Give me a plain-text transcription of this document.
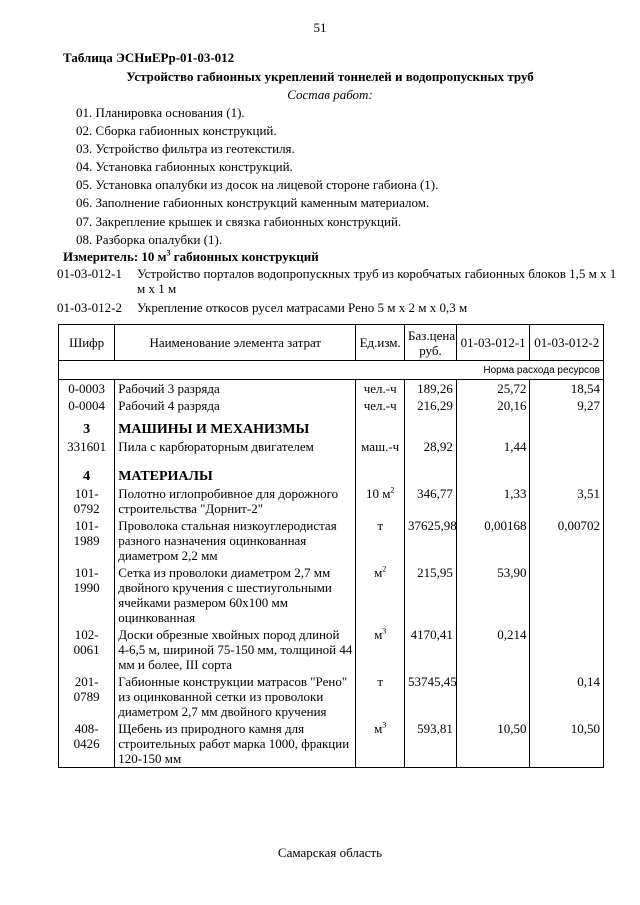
51
Таблица ЭСНиЕРр-01-03-012
Устройство габионных укреплений тоннелей и водопропускных труб
Состав работ:
01. Планировка основания (1).
02. Сборка габионных конструкций.
03. Устройство фильтра из геотекстиля.
04. Установка габионных конструкций.
05. Установка опалубки из досок на лицевой стороне габиона (1).
06. Заполнение габионных конструкций каменным материалом.
07. Закрепление крышек и связка габионных конструкций.
08. Разборка опалубки (1).
Измеритель: 10 $м^3$ габионных конструкций
01-03-012-1	Устройство порталов водопропускных труб из коробчатых габионных блоков 1,5 м х 1 м х 1 м
01-03-012-2	Укрепление откосов русел матрасами Рено 5 м х 2 м х 0,3 м
Шифр	Наименование элемента затрат	Ед.изм.	Баз.цена руб.	01-03-012-1	01-03-012-2
Норма расхода ресурсов					
0-0003	Рабочий 3 разряда	чел.-ч	189,26	25,72	18,54
0-0004	Рабочий 4 разряда	чел.-ч	216,29	20,16	9,27
3	МАШИНЫ И МЕХАНИЗМЫ				
331601	Пила с карбюраторным двигателем	маш.-ч	28,92	1,44	

4	МАТЕРИАЛЫ				
101-0792	Полотно иглопробивное для дорожного строительства "Дорнит-2"	10 $м^2$	346,77	1,33	3,51
101-1989	Проволока стальная низкоуглеродистая разного назначения оцинкованная диаметром 2,2 мм	т	37625,98	0,00168	0,00702
101-1990	Сетка из проволоки диаметром 2,7 мм двойного кручения с шестиугольными ячейками размером 60х100 мм оцинкованная	$м^2$	215,95	53,90	
102-0061	Доски обрезные хвойных пород длиной 4-6,5 м, шириной 75-150 мм, толщиной 44 мм и более, III сорта	$м^3$	4170,41	0,214	
201-0789	Габионные конструкции матрасов "Рено" из оцинкованной сетки из проволоки диаметром 2,7 мм двойного кручения	т	53745,45		0,14
408-0426	Щебень из природного камня для строительных работ марка 1000, фракции 120-150 мм	$м^3$	593,81	10,50	10,50
Самарская область
